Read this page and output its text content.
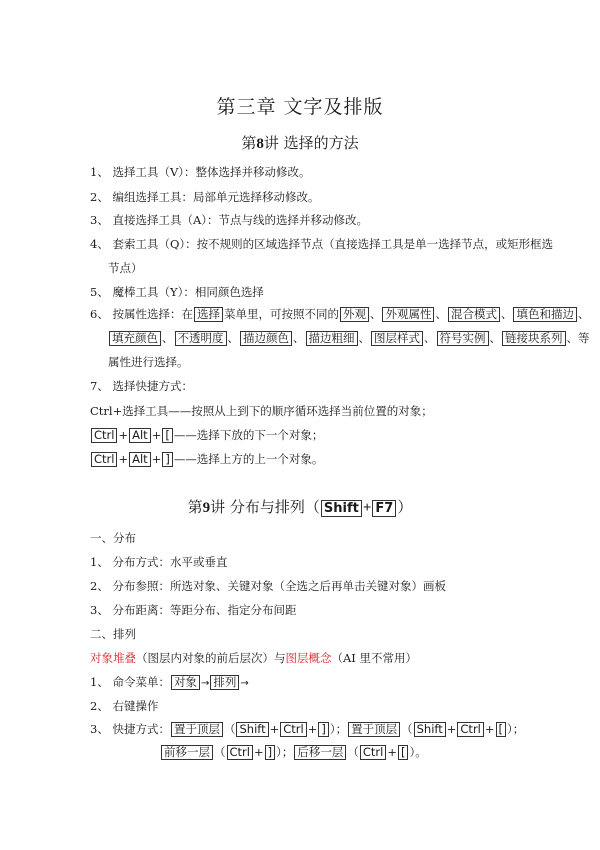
第三章 文字及排版
第8讲 选择的方法
1、 选择工具（V）：整体选择并移动修改。
2、 编组选择工具：局部单元选择移动修改。
3、 直接选择工具（A）：节点与线的选择并移动修改。
4、 套索工具（Q）：按不规则的区域选择节点（直接选择工具是单一选择节点，或矩形框选
节点）
5、 魔棒工具（Y）：相同颜色选择
6、 按属性选择：在 选择 菜单里，可按照不同的 外观 、 外观属性 、 混合模式 、 填色和描边 、
填充颜色 、 不透明度 、 描边颜色 、 描边粗细 、 图层样式 、 符号实例 、 链接块系列 、等
属性进行选择。
7、 选择快捷方式：
Ctrl+选择工具——按照从上到下的顺序循环选择当前位置的对象；
Ctrl + Alt + [ ——选择下放的下一个对象；
Ctrl + Alt + ] ——选择上方的上一个对象。
第9讲 分布与排列（ Shift + F7 ）
一、分布
1、 分布方式：水平或垂直
2、 分布参照：所选对象、关键对象（全选之后再单击关键对象）画板
3、 分布距离：等距分布、指定分布间距
二、排列
对象堆叠（图层内对象的前后层次）与图层概念（AI 里不常用）
1、 命令菜单： 对象 → 排列 →
2、 右键操作
3、 快捷方式： 置于顶层 （ Shift + Ctrl + ] ）； 置于顶层 （ Shift + Ctrl + [ ）；
前移一层 （ Ctrl + ] ）； 后移一层 （ Ctrl + [ ）。
